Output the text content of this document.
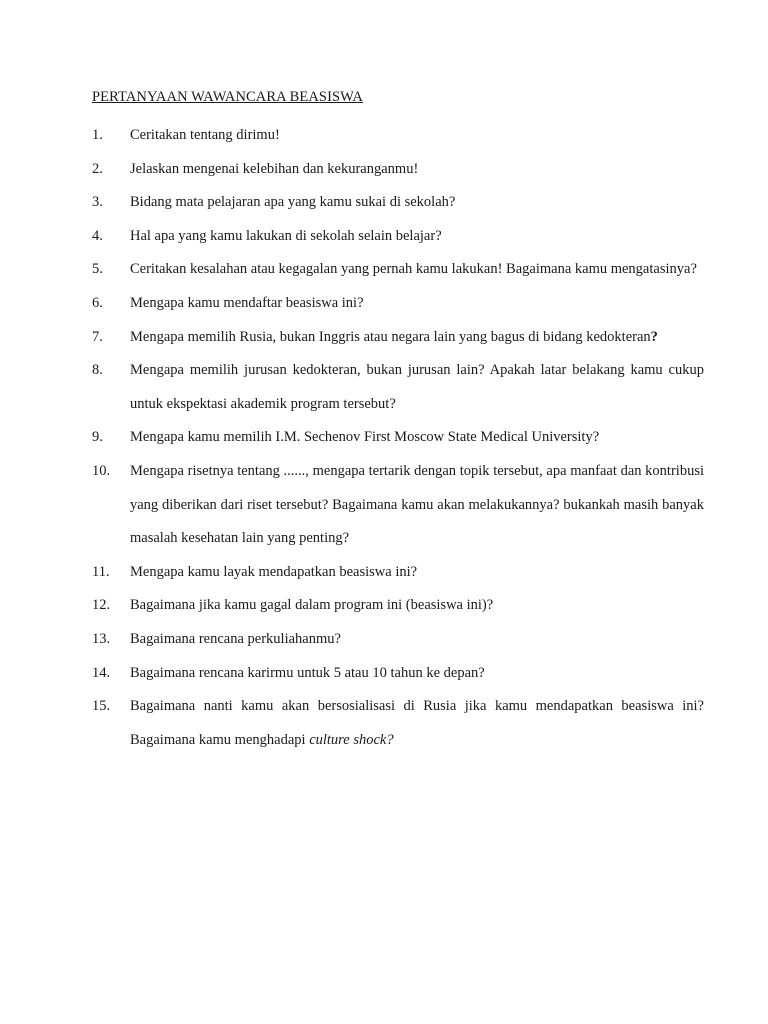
PERTANYAAN WAWANCARA BEASISWA
1.	Ceritakan tentang dirimu!
2.	Jelaskan mengenai kelebihan dan kekuranganmu!
3.	Bidang mata pelajaran apa yang kamu sukai di sekolah?
4.	Hal apa yang kamu lakukan di sekolah selain belajar?
5.	Ceritakan kesalahan atau kegagalan yang pernah kamu lakukan! Bagaimana kamu mengatasinya?
6.	Mengapa kamu mendaftar beasiswa ini?
7.	Mengapa memilih Rusia, bukan Inggris atau negara lain yang bagus di bidang kedokteran?
8.	Mengapa memilih jurusan kedokteran, bukan jurusan lain? Apakah latar belakang kamu cukup untuk ekspektasi akademik program tersebut?
9.	Mengapa kamu memilih I.M. Sechenov First Moscow State Medical University?
10.	Mengapa risetnya tentang ......, mengapa tertarik dengan topik tersebut, apa manfaat dan kontribusi yang diberikan dari riset tersebut? Bagaimana kamu akan melakukannya? bukankah masih banyak masalah kesehatan lain yang penting?
11.	Mengapa kamu layak mendapatkan beasiswa ini?
12.	Bagaimana jika kamu gagal dalam program ini (beasiswa ini)?
13.	Bagaimana rencana perkuliahanmu?
14.	Bagaimana rencana karirmu untuk 5 atau 10 tahun ke depan?
15.	Bagaimana nanti kamu akan bersosialisasi di Rusia jika kamu mendapatkan beasiswa ini? Bagaimana kamu menghadapi culture shock?
